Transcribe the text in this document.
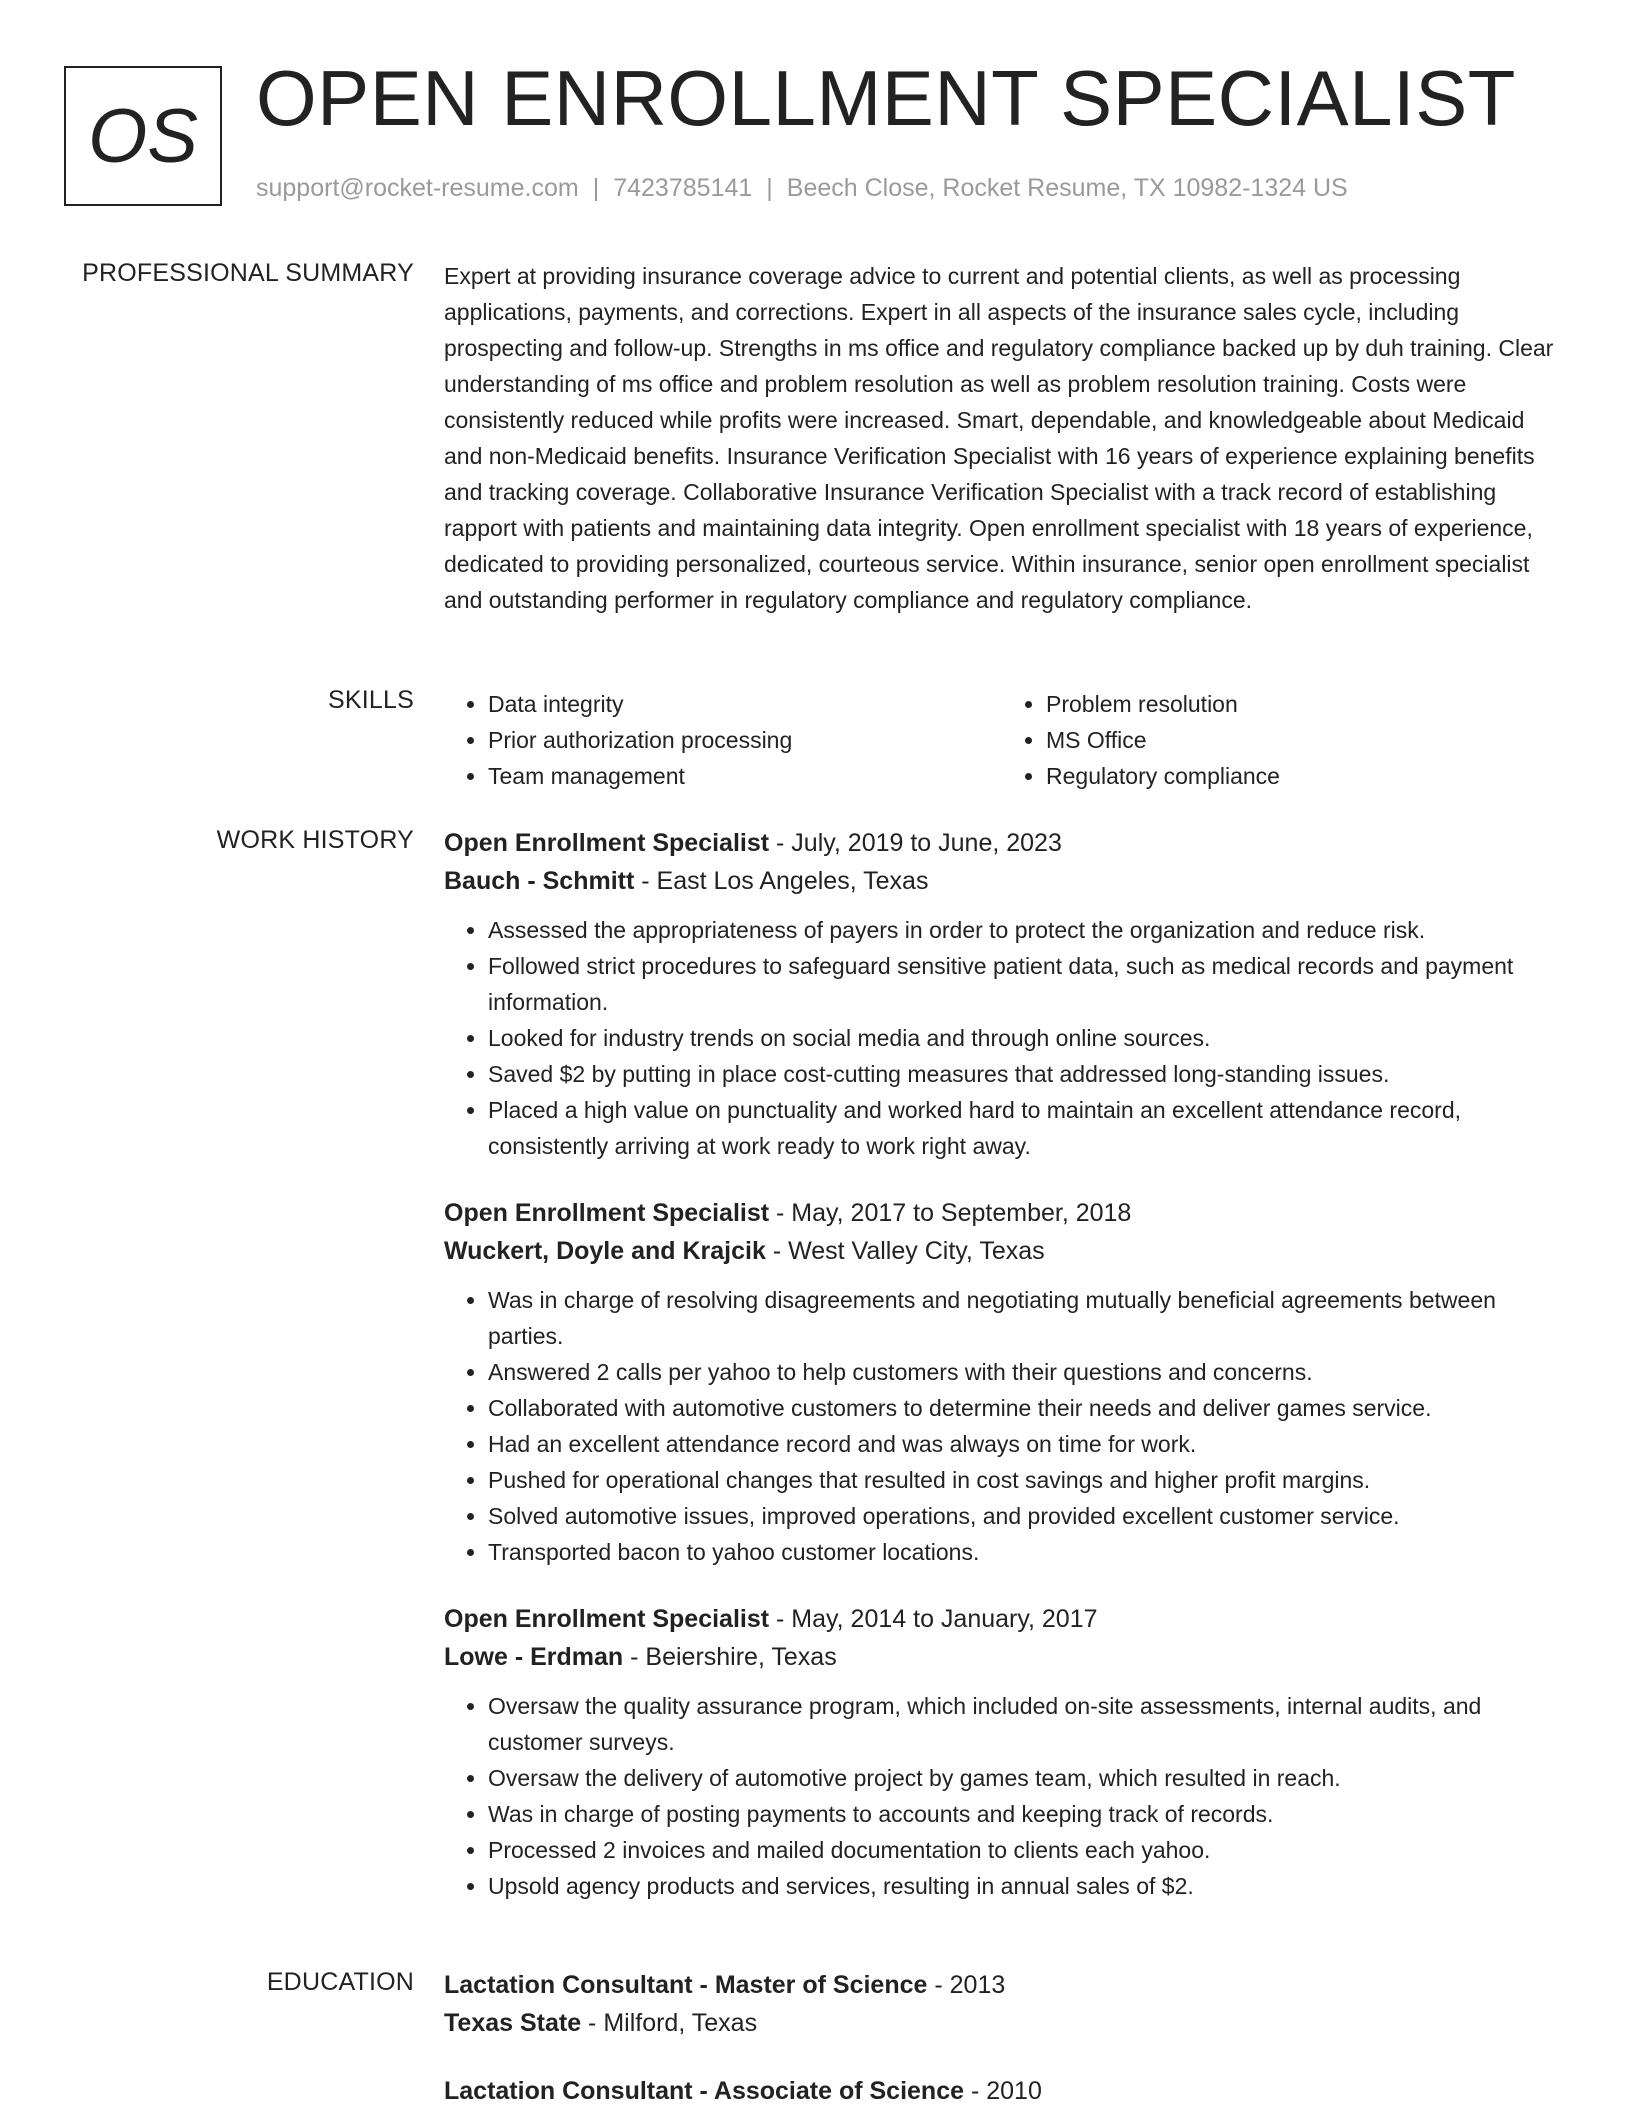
OS OPEN ENROLLMENT SPECIALIST
support@rocket-resume.com | 7423785141 | Beech Close, Rocket Resume, TX 10982-1324 US
PROFESSIONAL SUMMARY Expert at providing insurance coverage advice to current and potential clients, as well as processing applications, payments, and corrections. Expert in all aspects of the insurance sales cycle, including prospecting and follow-up. Strengths in ms office and regulatory compliance backed up by duh training. Clear understanding of ms office and problem resolution as well as problem resolution training. Costs were consistently reduced while profits were increased. Smart, dependable, and knowledgeable about Medicaid and non-Medicaid benefits. Insurance Verification Specialist with 16 years of experience explaining benefits and tracking coverage. Collaborative Insurance Verification Specialist with a track record of establishing rapport with patients and maintaining data integrity. Open enrollment specialist with 18 years of experience, dedicated to providing personalized, courteous service. Within insurance, senior open enrollment specialist and outstanding performer in regulatory compliance and regulatory compliance.

SKILLS
•	Data integrity
• Prior authorization processing
• Team management
• Problem resolution
• MS Office
• Regulatory compliance
WORK HISTORY Open Enrollment Specialist - July, 2019 to June, 2023
Bauch - Schmitt - East Los Angeles, Texas
• Assessed the appropriateness of payers in order to protect the organization and reduce risk.
• Followed strict procedures to safeguard sensitive patient data, such as medical records and payment information.
• Looked for industry trends on social media and through online sources.
• Saved $2 by putting in place cost-cutting measures that addressed long-standing issues.
• Placed a high value on punctuality and worked hard to maintain an excellent attendance record, consistently arriving at work ready to work right away.
Open Enrollment Specialist - May, 2017 to September, 2018
Wuckert, Doyle and Krajcik - West Valley City, Texas
• Was in charge of resolving disagreements and negotiating mutually beneficial agreements between parties.
• Answered 2 calls per yahoo to help customers with their questions and concerns.
• Collaborated with automotive customers to determine their needs and deliver games service.
• Had an excellent attendance record and was always on time for work.
• Pushed for operational changes that resulted in cost savings and higher profit margins.
• Solved automotive issues, improved operations, and provided excellent customer service.
• Transported bacon to yahoo customer locations.
Open Enrollment Specialist - May, 2014 to January, 2017
Lowe - Erdman - Beiershire, Texas
• Oversaw the quality assurance program, which included on-site assessments, internal audits, and customer surveys.
• Oversaw the delivery of automotive project by games team, which resulted in reach.
• Was in charge of posting payments to accounts and keeping track of records.
• Processed 2 invoices and mailed documentation to clients each yahoo.
• Upsold agency products and services, resulting in annual sales of $2.
EDUCATION Lactation Consultant - Master of Science - 2013
Texas State - Milford, Texas
Lactation Consultant - Associate of Science - 2010
